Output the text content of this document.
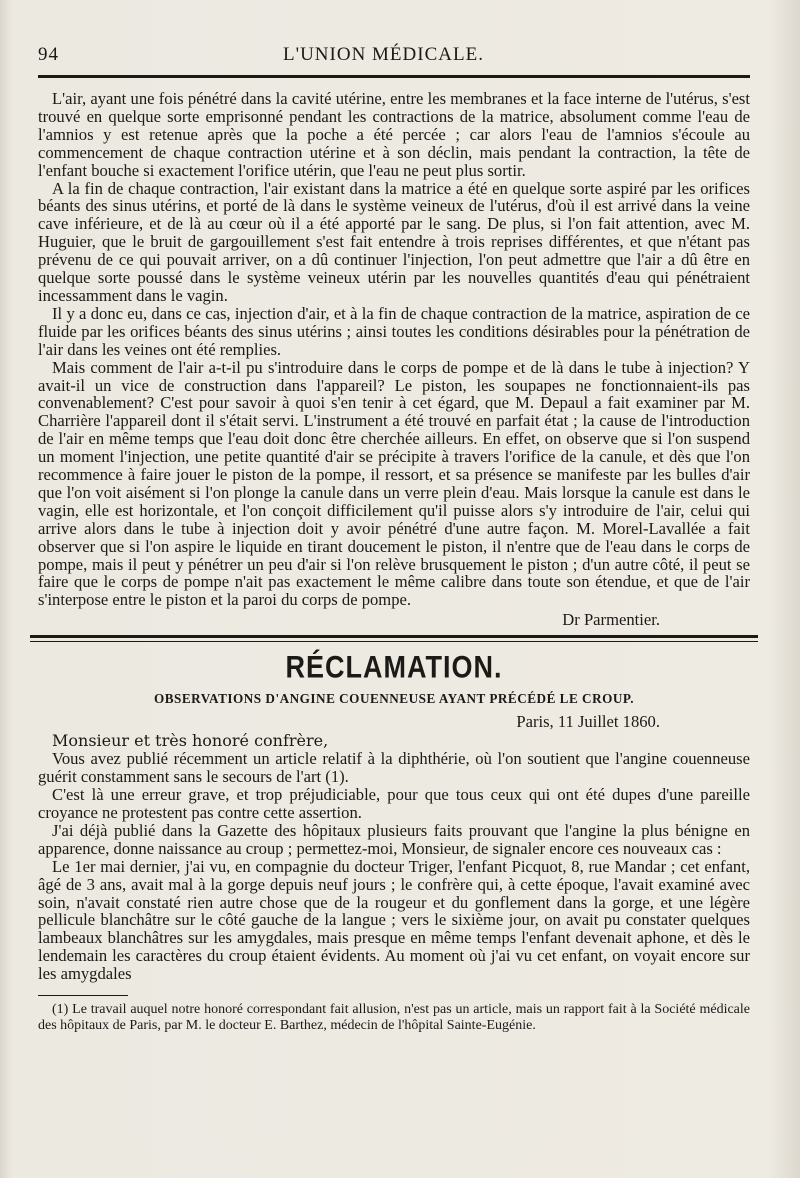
94	L'UNION MÉDICALE.

L'air, ayant une fois pénétré dans la cavité utérine, entre les membranes et la face interne de l'utérus, s'est trouvé en quelque sorte emprisonné pendant les contractions de la matrice, absolument comme l'eau de l'amnios y est retenue après que la poche a été percée ; car alors l'eau de l'amnios s'écoule au commencement de chaque contraction utérine et à son déclin, mais pendant la contraction, la tête de l'enfant bouche si exactement l'orifice utérin, que l'eau ne peut plus sortir.

A la fin de chaque contraction, l'air existant dans la matrice a été en quelque sorte aspiré par les orifices béants des sinus utérins, et porté de là dans le système veineux de l'utérus, d'où il est arrivé dans la veine cave inférieure, et de là au cœur où il a été apporté par le sang. De plus, si l'on fait attention, avec M. Huguier, que le bruit de gargouillement s'est fait entendre à trois reprises différentes, et que n'étant pas prévenu de ce qui pouvait arriver, on a dû continuer l'injection, l'on peut admettre que l'air a dû être en quelque sorte poussé dans le système veineux utérin par les nouvelles quantités d'eau qui pénétraient incessamment dans le vagin.

Il y a donc eu, dans ce cas, injection d'air, et à la fin de chaque contraction de la matrice, aspiration de ce fluide par les orifices béants des sinus utérins ; ainsi toutes les conditions désirables pour la pénétration de l'air dans les veines ont été remplies.

Mais comment de l'air a-t-il pu s'introduire dans le corps de pompe et de là dans le tube à injection? Y avait-il un vice de construction dans l'appareil? Le piston, les soupapes ne fonctionnaient-ils pas convenablement? C'est pour savoir à quoi s'en tenir à cet égard, que M. Depaul a fait examiner par M. Charrière l'appareil dont il s'était servi. L'instrument a été trouvé en parfait état ; la cause de l'introduction de l'air en même temps que l'eau doit donc être cherchée ailleurs. En effet, on observe que si l'on suspend un moment l'injection, une petite quantité d'air se précipite à travers l'orifice de la canule, et dès que l'on recommence à faire jouer le piston de la pompe, il ressort, et sa présence se manifeste par les bulles d'air que l'on voit aisément si l'on plonge la canule dans un verre plein d'eau. Mais lorsque la canule est dans le vagin, elle est horizontale, et l'on conçoit difficilement qu'il puisse alors s'y introduire de l'air, celui qui arrive alors dans le tube à injection doit y avoir pénétré d'une autre façon. M. Morel-Lavallée a fait observer que si l'on aspire le liquide en tirant doucement le piston, il n'entre que de l'eau dans le corps de pompe, mais il peut y pénétrer un peu d'air si l'on relève brusquement le piston ; d'un autre côté, il peut se faire que le corps de pompe n'ait pas exactement le même calibre dans toute son étendue, et que de l'air s'interpose entre le piston et la paroi du corps de pompe.

Dr Parmentier.
RÉCLAMATION.
OBSERVATIONS D'ANGINE COUENNEUSE AYANT PRÉCÉDÉ LE CROUP.
Paris, 11 Juillet 1860.
Monsieur et très honoré confrère,

Vous avez publié récemment un article relatif à la diphthérie, où l'on soutient que l'angine couenneuse guérit constamment sans le secours de l'art (1).

C'est là une erreur grave, et trop préjudiciable, pour que tous ceux qui ont été dupes d'une pareille croyance ne protestent pas contre cette assertion.

J'ai déjà publié dans la Gazette des hôpitaux plusieurs faits prouvant que l'angine la plus bénigne en apparence, donne naissance au croup ; permettez-moi, Monsieur, de signaler encore ces nouveaux cas :

Le 1er mai dernier, j'ai vu, en compagnie du docteur Triger, l'enfant Picquot, 8, rue Mandar ; cet enfant, âgé de 3 ans, avait mal à la gorge depuis neuf jours ; le confrère qui, à cette époque, l'avait examiné avec soin, n'avait constaté rien autre chose que de la rougeur et du gonflement dans la gorge, et une légère pellicule blanchâtre sur le côté gauche de la langue ; vers le sixième jour, on avait pu constater quelques lambeaux blanchâtres sur les amygdales, mais presque en même temps l'enfant devenait aphone, et dès le lendemain les caractères du croup étaient évidents. Au moment où j'ai vu cet enfant, on voyait encore sur les amygdales

(1) Le travail auquel notre honoré correspondant fait allusion, n'est pas un article, mais un rapport fait à la Société médicale des hôpitaux de Paris, par M. le docteur E. Barthez, médecin de l'hôpital Sainte-Eugénie.
